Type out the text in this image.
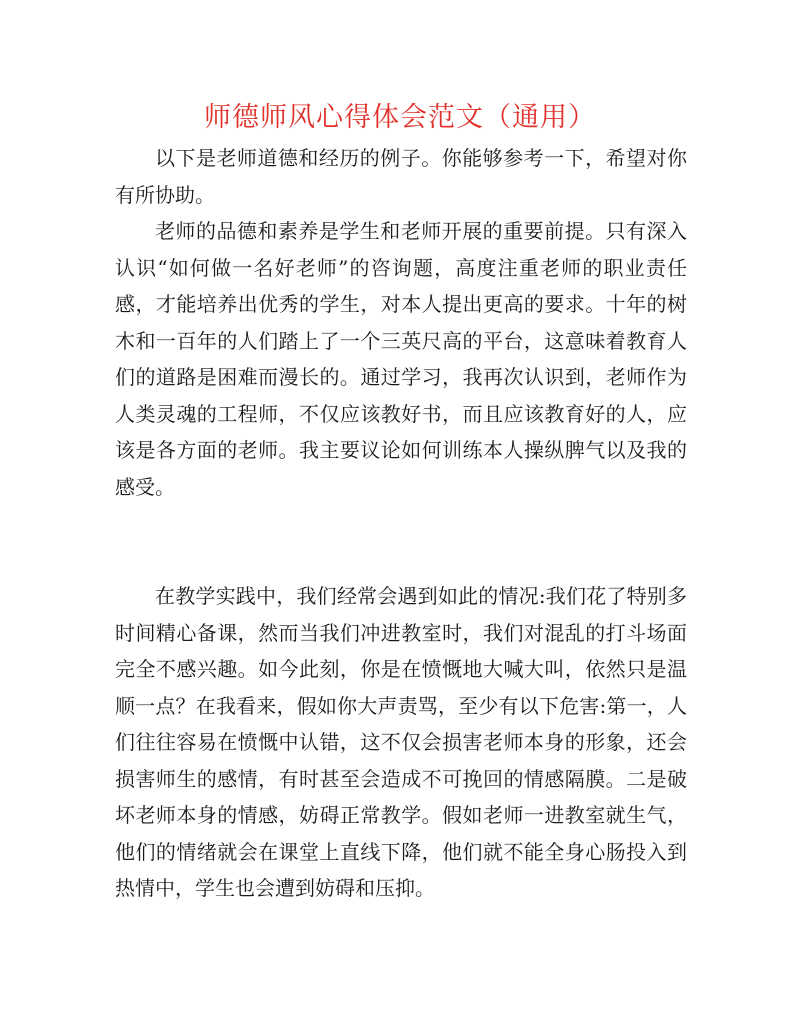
师德师风心得体会范文（通用）

以下是老师道德和经历的例子。你能够参考一下，希望对你有所协助。

老师的品德和素养是学生和老师开展的重要前提。只有深入认识“如何做一名好老师”的咨询题，高度注重老师的职业责任感，才能培养出优秀的学生，对本人提出更高的要求。十年的树木和一百年的人们踏上了一个三英尺高的平台，这意味着教育人们的道路是困难而漫长的。通过学习，我再次认识到，老师作为人类灵魂的工程师，不仅应该教好书，而且应该教育好的人，应该是各方面的老师。我主要议论如何训练本人操纵脾气以及我的感受。

在教学实践中，我们经常会遇到如此的情况:我们花了特别多时间精心备课，然而当我们冲进教室时，我们对混乱的打斗场面完全不感兴趣。如今此刻，你是在愤慨地大喊大叫，依然只是温顺一点？在我看来，假如你大声责骂，至少有以下危害:第一，人们往往容易在愤慨中认错，这不仅会损害老师本身的形象，还会损害师生的感情，有时甚至会造成不可挽回的情感隔膜。二是破坏老师本身的情感，妨碍正常教学。假如老师一进教室就生气，他们的情绪就会在课堂上直线下降，他们就不能全身心肠投入到热情中，学生也会遭到妨碍和压抑。
